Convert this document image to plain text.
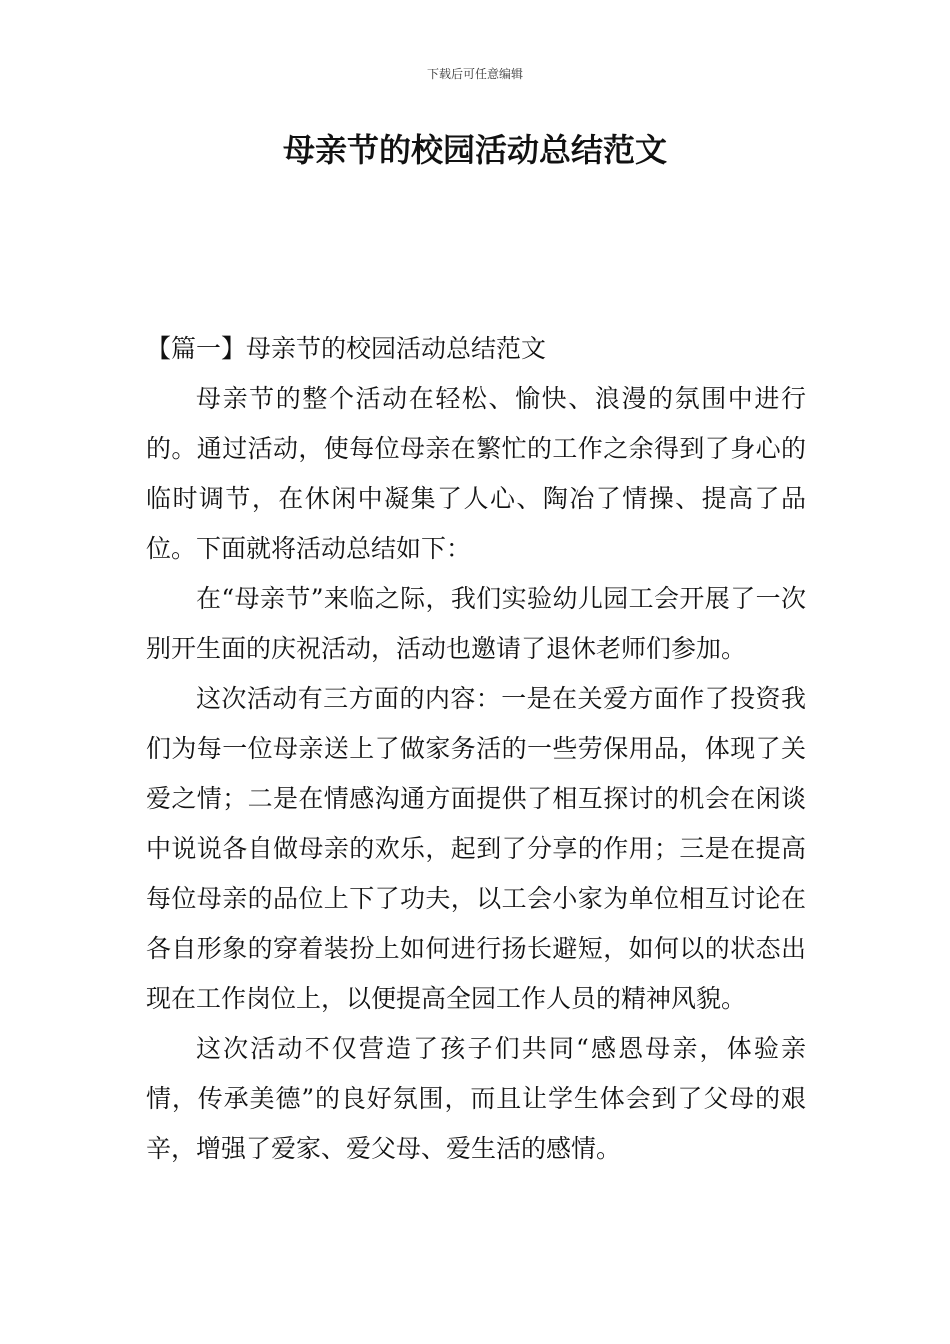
下载后可任意编辑
母亲节的校园活动总结范文
【篇一】母亲节的校园活动总结范文

母亲节的整个活动在轻松、愉快、浪漫的氛围中进行的。通过活动，使每位母亲在繁忙的工作之余得到了身心的临时调节，在休闲中凝集了人心、陶冶了情操、提高了品位。下面就将活动总结如下：

在“母亲节”来临之际，我们实验幼儿园工会开展了一次别开生面的庆祝活动，活动也邀请了退休老师们参加。

这次活动有三方面的内容：一是在关爱方面作了投资我们为每一位母亲送上了做家务活的一些劳保用品，体现了关爱之情；二是在情感沟通方面提供了相互探讨的机会在闲谈中说说各自做母亲的欢乐，起到了分享的作用；三是在提高每位母亲的品位上下了功夫，以工会小家为单位相互讨论在各自形象的穿着装扮上如何进行扬长避短，如何以的状态出现在工作岗位上，以便提高全园工作人员的精神风貌。

这次活动不仅营造了孩子们共同“感恩母亲，体验亲情，传承美德”的良好氛围，而且让学生体会到了父母的艰辛，增强了爱家、爱父母、爱生活的感情。
